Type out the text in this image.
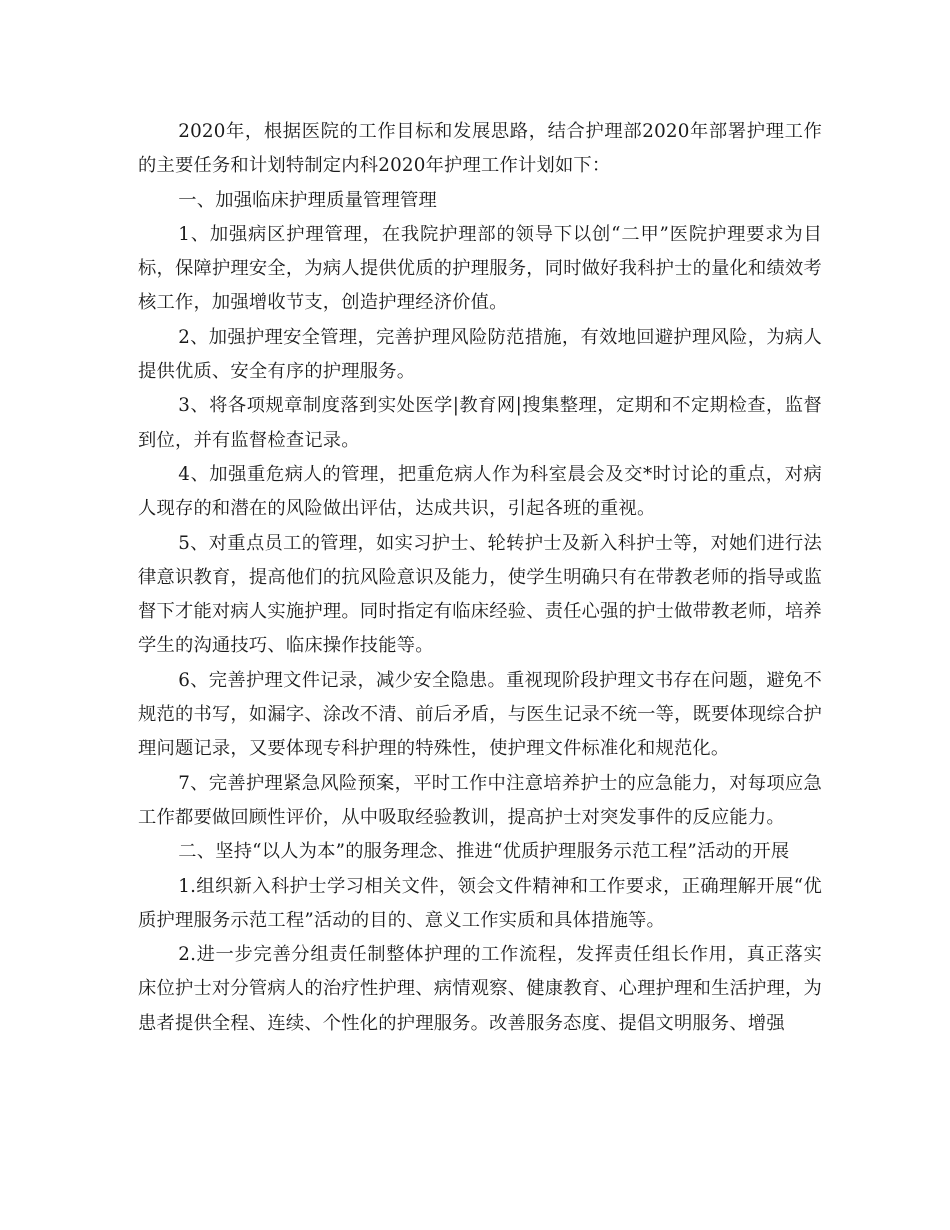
2020年，根据医院的工作目标和发展思路，结合护理部2020年部署护理工作的主要任务和计划特制定内科2020年护理工作计划如下：

一、加强临床护理质量管理管理

1、加强病区护理管理，在我院护理部的领导下以创“二甲”医院护理要求为目标，保障护理安全，为病人提供优质的护理服务，同时做好我科护士的量化和绩效考核工作，加强增收节支，创造护理经济价值。

2、加强护理安全管理，完善护理风险防范措施，有效地回避护理风险，为病人提供优质、安全有序的护理服务。

3、将各项规章制度落到实处医学|教育网|搜集整理，定期和不定期检查，监督到位，并有监督检查记录。

4、加强重危病人的管理，把重危病人作为科室晨会及交*时讨论的重点，对病人现存的和潜在的风险做出评估，达成共识，引起各班的重视。

5、对重点员工的管理，如实习护士、轮转护士及新入科护士等，对她们进行法律意识教育，提高他们的抗风险意识及能力，使学生明确只有在带教老师的指导或监督下才能对病人实施护理。同时指定有临床经验、责任心强的护士做带教老师，培养学生的沟通技巧、临床操作技能等。

6、完善护理文件记录，减少安全隐患。重视现阶段护理文书存在问题，避免不规范的书写，如漏字、涂改不清、前后矛盾，与医生记录不统一等，既要体现综合护理问题记录，又要体现专科护理的特殊性，使护理文件标准化和规范化。

7、完善护理紧急风险预案，平时工作中注意培养护士的应急能力，对每项应急工作都要做回顾性评价，从中吸取经验教训，提高护士对突发事件的反应能力。

二、坚持“以人为本”的服务理念、推进“优质护理服务示范工程”活动的开展

1.组织新入科护士学习相关文件，领会文件精神和工作要求，正确理解开展“优质护理服务示范工程”活动的目的、意义工作实质和具体措施等。

2.进一步完善分组责任制整体护理的工作流程，发挥责任组长作用，真正落实床位护士对分管病人的治疗性护理、病情观察、健康教育、心理护理和生活护理，为患者提供全程、连续、个性化的护理服务。改善服务态度、提倡文明服务、增强
